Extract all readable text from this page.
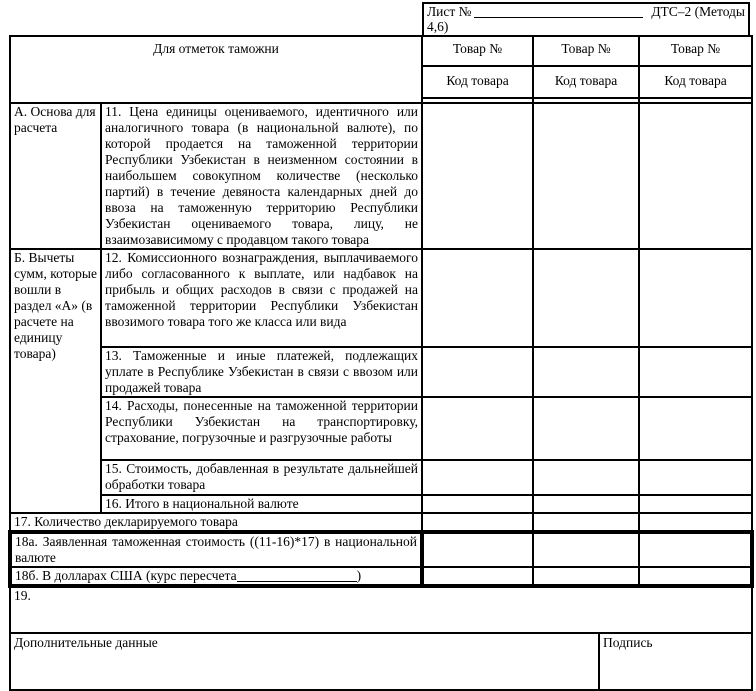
Лист №	ДТС–2 (Методы
4,6)
Для отметок таможни		Товар №	Товар №	Товар №
		Код товара	Код товара	Код товара

А. Основа для расчета	11. Цена единицы оцениваемого, идентичного или аналогичного товара (в национальной валюте), по которой продается на таможенной территории Республики Узбекистан в неизменном состоянии в наибольшем совокупном количестве (несколько партий) в течение девяноста календарных дней до ввоза на таможенную территорию Республики Узбекистан оцениваемого товара, лицу, не взаимозависимому с продавцом такого товара			
Б. Вычеты сумм, которые вошли в раздел «А» (в расчете на единицу товара)	12. Комиссионного вознаграждения, выплачиваемого либо согласованного к выплате, или надбавок на прибыль и общих расходов в связи с продажей на таможенной территории Республики Узбекистан ввозимого товара того же класса или вида			
	13. Таможенные и иные платежей, подлежащих уплате в Республике Узбекистан в связи с ввозом или продажей товара			
	14. Расходы, понесенные на таможенной территории Республики Узбекистан на транспортировку, страхование, погрузочные и разгрузочные работы			
	15. Стоимость, добавленная в результате дальнейшей обработки товара			
	16. Итого в национальной валюте			
17. Количество декларируемого товара				
18а. Заявленная таможенная стоимость ((11-16)*17) в национальной валюте				

18б. В долларах США (курс пересчета )				

19.				

Дополнительные данные Подпись				
